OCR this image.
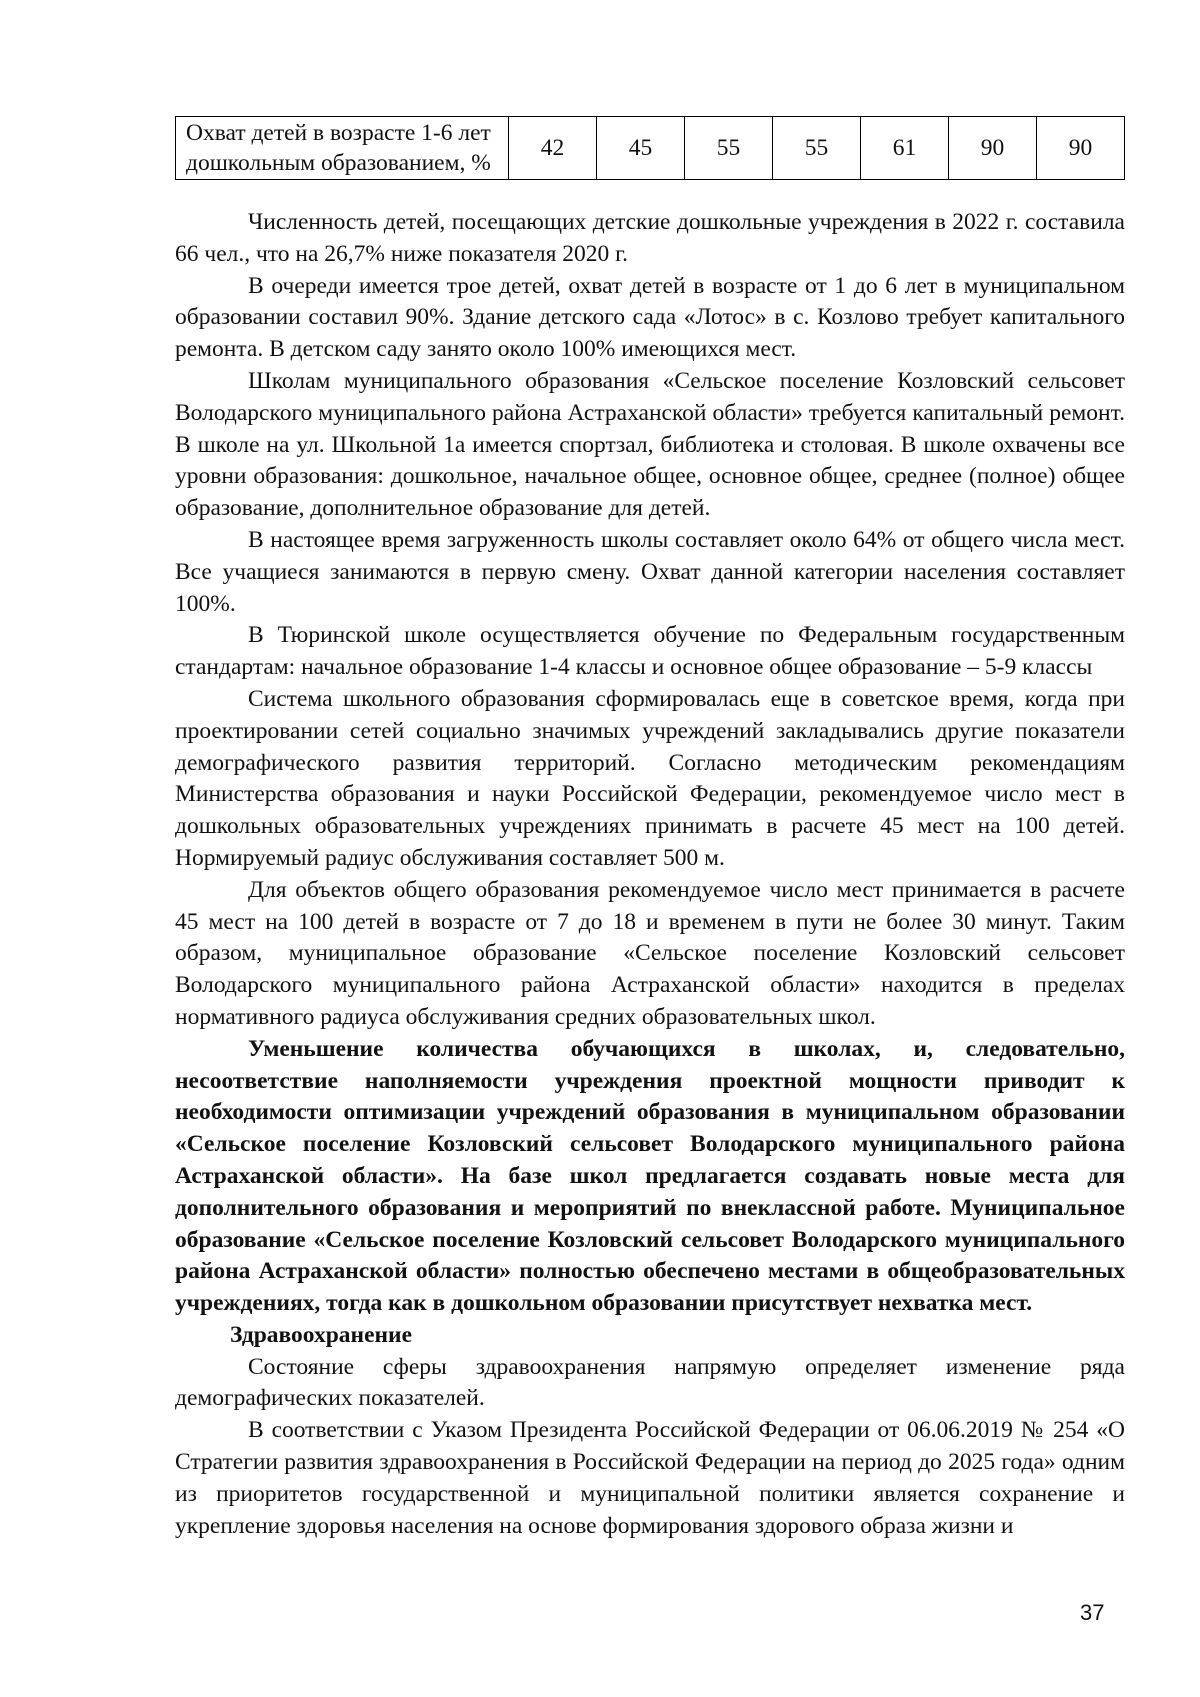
Охват детей в возрасте 1-6 лет дошкольным образованием, %	42	45	55	55	61	90	90

Численность детей, посещающих детские дошкольные учреждения в 2022 г. составила 66 чел., что на 26,7% ниже показателя 2020 г.

В очереди имеется трое детей, охват детей в возрасте от 1 до 6 лет в муниципальном образовании составил 90%. Здание детского сада «Лотос» в с. Козлово требует капитального ремонта. В детском саду занято около 100% имеющихся мест.

Школам муниципального образования «Сельское поселение Козловский сельсовет Володарского муниципального района Астраханской области» требуется капитальный ремонт. В школе на ул. Школьной 1а имеется спортзал, библиотека и столовая. В школе охвачены все уровни образования: дошкольное, начальное общее, основное общее, среднее (полное) общее образование, дополнительное образование для детей.

В настоящее время загруженность школы составляет около 64% от общего числа мест. Все учащиеся занимаются в первую смену. Охват данной категории населения составляет 100%.

В Тюринской школе осуществляется обучение по Федеральным государственным стандартам: начальное образование 1-4 классы и основное общее образование – 5-9 классы

Система школьного образования сформировалась еще в советское время, когда при проектировании сетей социально значимых учреждений закладывались другие показатели демографического развития территорий. Согласно методическим рекомендациям Министерства образования и науки Российской Федерации, рекомендуемое число мест в дошкольных образовательных учреждениях принимать в расчете 45 мест на 100 детей. Нормируемый радиус обслуживания составляет 500 м.

Для объектов общего образования рекомендуемое число мест принимается в расчете 45 мест на 100 детей в возрасте от 7 до 18 и временем в пути не более 30 минут. Таким образом, муниципальное образование «Сельское поселение Козловский сельсовет Володарского муниципального района Астраханской области» находится в пределах нормативного радиуса обслуживания средних образовательных школ.

Уменьшение количества обучающихся в школах, и, следовательно, несоответствие наполняемости учреждения проектной мощности приводит к необходимости оптимизации учреждений образования в муниципальном образовании «Сельское поселение Козловский сельсовет Володарского муниципального района Астраханской области». На базе школ предлагается создавать новые места для дополнительного образования и мероприятий по внеклассной работе. Муниципальное образование «Сельское поселение Козловский сельсовет Володарского муниципального района Астраханской области» полностью обеспечено местами в общеобразовательных учреждениях, тогда как в дошкольном образовании присутствует нехватка мест.

Здравоохранение

Состояние сферы здравоохранения напрямую определяет изменение ряда демографических показателей.

В соответствии с Указом Президента Российской Федерации от 06.06.2019 № 254 «О Стратегии развития здравоохранения в Российской Федерации на период до 2025 года» одним из приоритетов государственной и муниципальной политики является сохранение и укрепление здоровья населения на основе формирования здорового образа жизни и

37
